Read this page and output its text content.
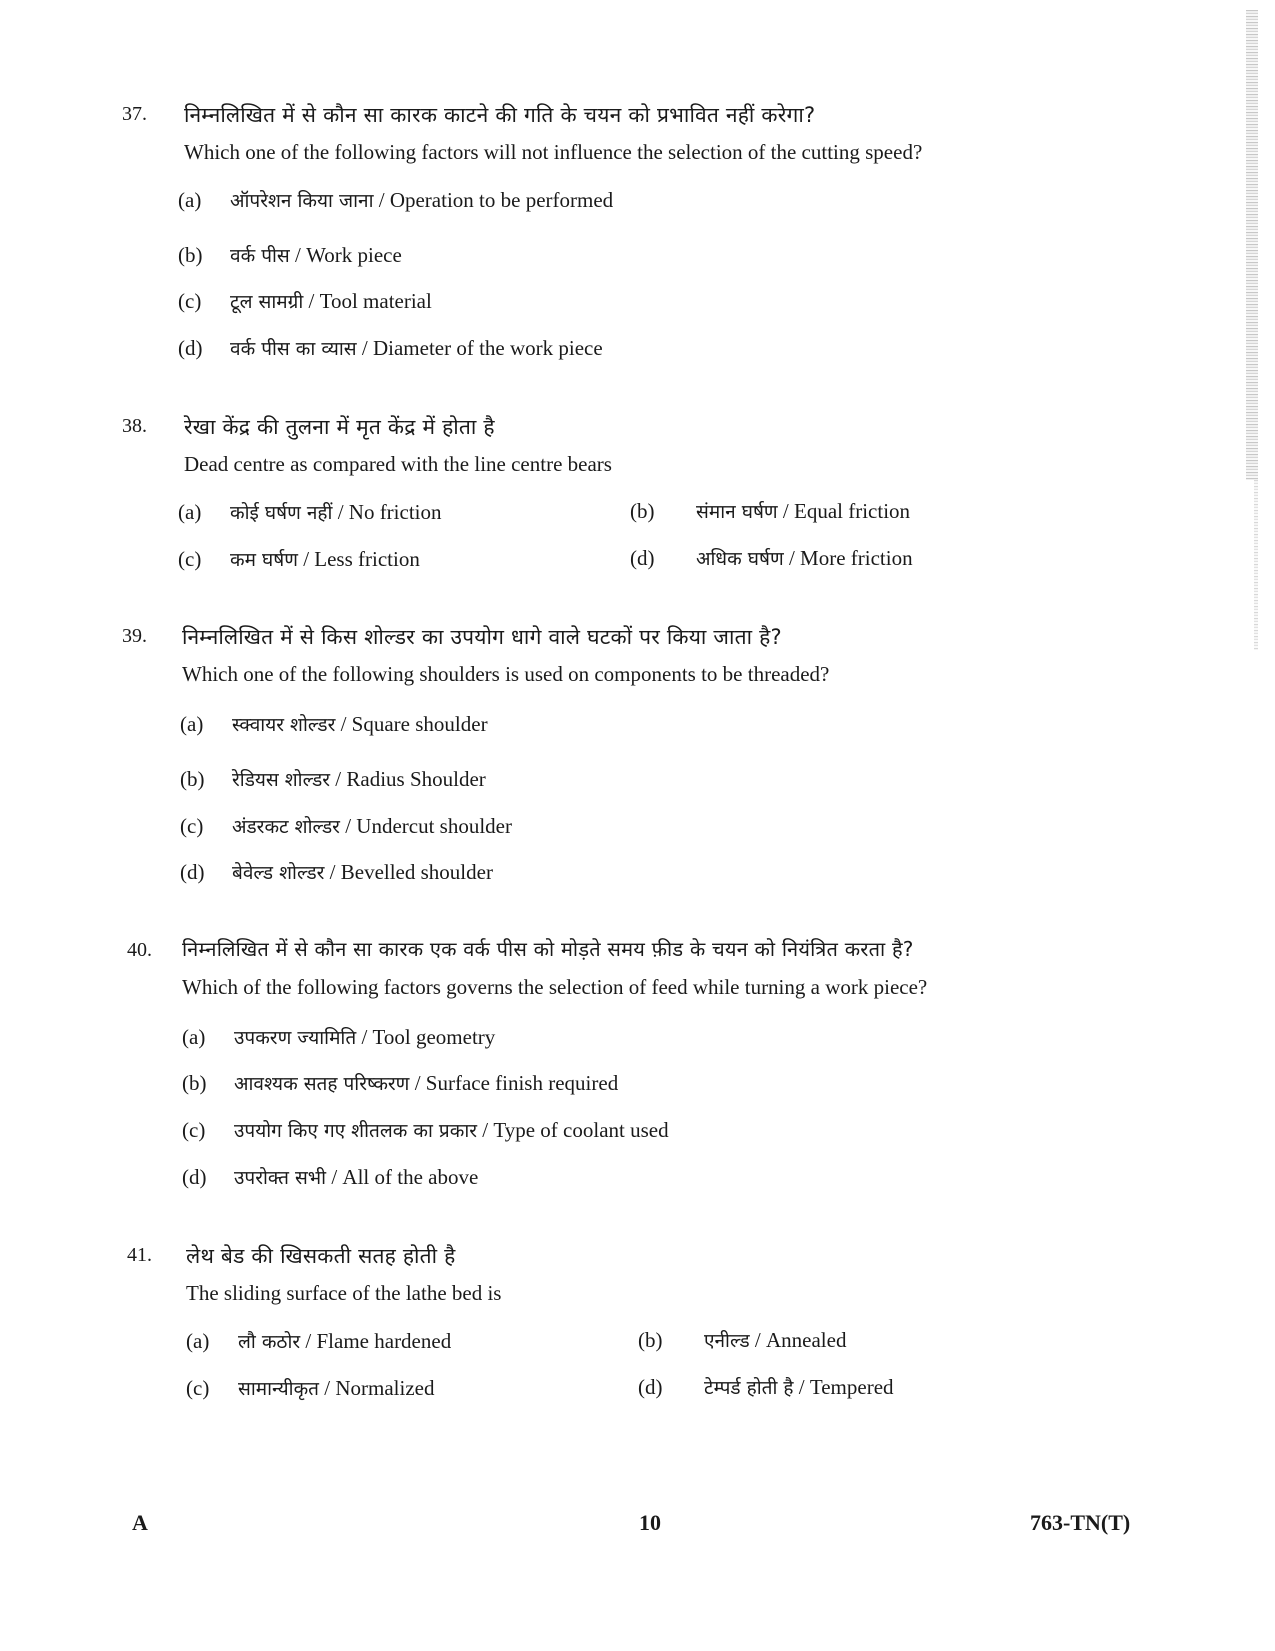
37. निम्नलिखित में से कौन सा कारक काटने की गति के चयन को प्रभावित नहीं करेगा?
Which one of the following factors will not influence the selection of the cutting speed?
(a) ऑपरेशन किया जाना / Operation to be performed
(b) वर्क पीस / Work piece
(c) टूल सामग्री / Tool material
(d) वर्क पीस का व्यास / Diameter of the work piece
38. रेखा केंद्र की तुलना में मृत केंद्र में होता है
Dead centre as compared with the line centre bears
(a) कोई घर्षण नहीं / No friction	(b) संमान घर्षण / Equal friction
(c) कम घर्षण / Less friction	(d) अधिक घर्षण / More friction
39. निम्नलिखित में से किस शोल्डर का उपयोग धागे वाले घटकों पर किया जाता है?
Which one of the following shoulders is used on components to be threaded?
(a) स्क्वायर शोल्डर / Square shoulder
(b) रेडियस शोल्डर / Radius Shoulder
(c) अंडरकट शोल्डर / Undercut shoulder
(d) बेवेल्ड शोल्डर / Bevelled shoulder
40. निम्नलिखित में से कौन सा कारक एक वर्क पीस को मोड़ते समय फ़ीड के चयन को नियंत्रित करता है?
Which of the following factors governs the selection of feed while turning a work piece?
(a) उपकरण ज्यामिति / Tool geometry
(b) आवश्यक सतह परिष्करण / Surface finish required
(c) उपयोग किए गए शीतलक का प्रकार / Type of coolant used
(d) उपरोक्त सभी / All of the above
41. लेथ बेड की खिसकती सतह होती है
The sliding surface of the lathe bed is
(a) लौ कठोर / Flame hardened	(b) एनील्ड / Annealed
(c) सामान्यीकृत / Normalized	(d) टेम्पर्ड होती है / Tempered
A	10	763-TN(T)
